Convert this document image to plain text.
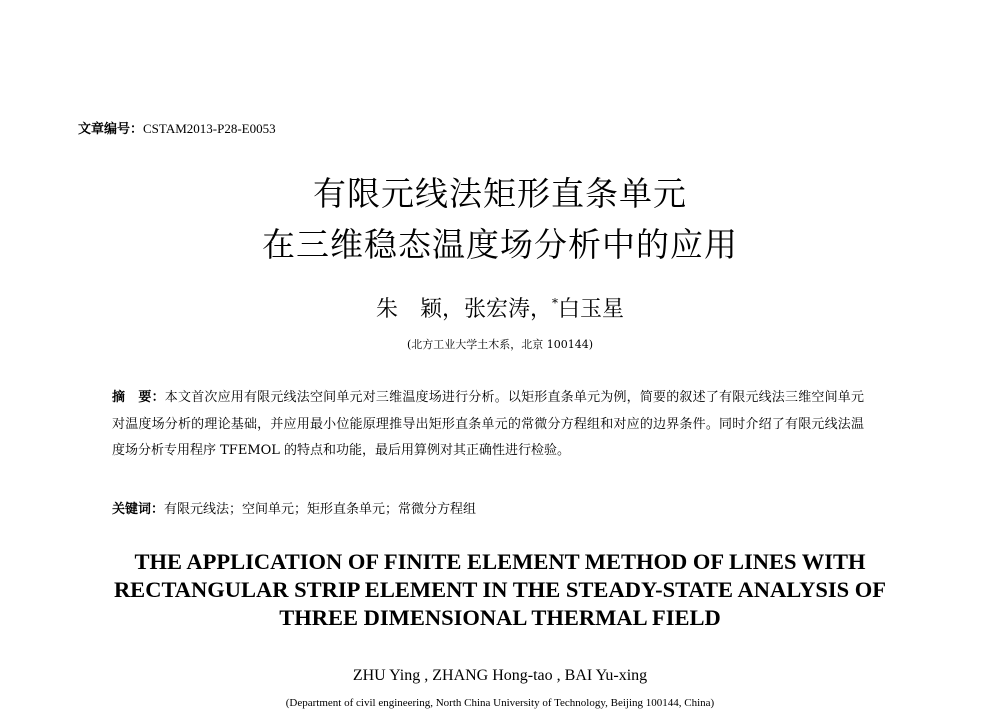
文章编号：CSTAM2013-P28-E0053
有限元线法矩形直条单元
在三维稳态温度场分析中的应用
朱　颖，张宏涛，*白玉星
(北方工业大学土木系，北京 100144)
摘　要：本文首次应用有限元线法空间单元对三维温度场进行分析。以矩形直条单元为例，简要的叙述了有限元线法三维空间单元对温度场分析的理论基础，并应用最小位能原理推导出矩形直条单元的常微分方程组和对应的边界条件。同时介绍了有限元线法温度场分析专用程序 TFEMOL 的特点和功能，最后用算例对其正确性进行检验。
关键词：有限元线法；空间单元；矩形直条单元；常微分方程组
THE APPLICATION OF FINITE ELEMENT METHOD OF LINES WITH
RECTANGULAR STRIP ELEMENT IN THE STEADY-STATE ANALYSIS OF
THREE DIMENSIONAL THERMAL FIELD
ZHU Ying , ZHANG Hong-tao , BAI Yu-xing
(Department of civil engineering, North China University of Technology, Beijing 100144, China)
